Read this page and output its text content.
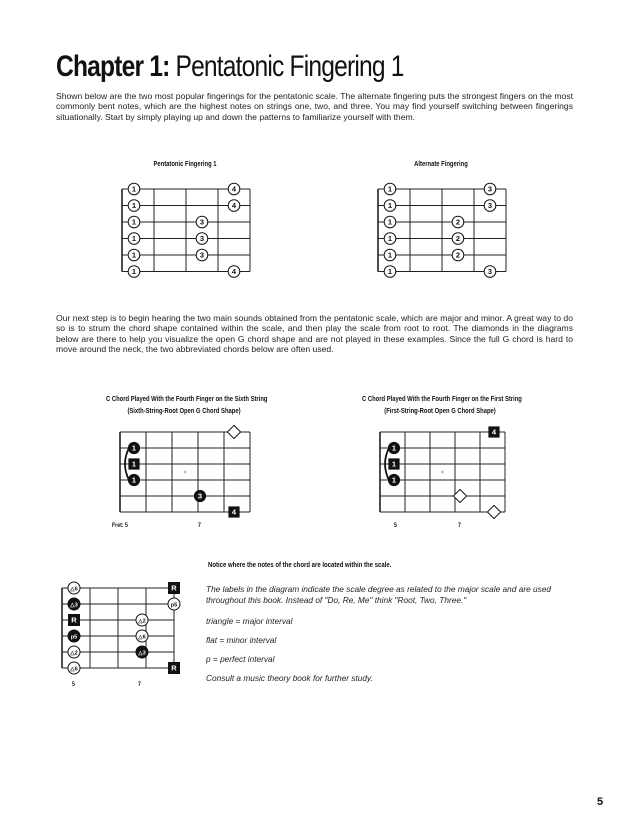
Chapter 1: Pentatonic Fingering 1
Shown below are the two most popular fingerings for the pentatonic scale. The alternate fingering puts the strongest fingers on the most commonly bent notes, which are the highest notes on strings one, two, and three. You may find yourself switching between fingerings situationally. Start by simply playing up and down the patterns to familiarize yourself with them.
Pentatonic Fingering 1	Alternate Fingering
1	4
1	4
1	3
1	3
1	3
1	4
1	3
1	3
1	2
1	2
1	2
1	3
1
1
1
3
4
4
1
1
1
△6	R
△3	p5
R	△2
p5	△6
△2	△3
△6	R
Our next step is to begin hearing the two main sounds obtained from the pentatonic scale, which are major and minor. A great way to do so is to strum the chord shape contained within the scale, and then play the scale from root to root. The diamonds in the diagrams below are there to help you visualize the open G chord shape and are not played in these examples. Since the full G chord is hard to move around the neck, the two abbreviated chords below are often used.
C Chord Played With the Fourth Finger on the Sixth String
(Sixth-String-Root Open G Chord Shape)
C Chord Played With the Fourth Finger on the First String
(First-String-Root Open G Chord Shape)
Fret: 5	7	5	7
Notice where the notes of the chord are located within the scale.
5	7
The labels in the diagram indicate the scale degree as related to the major scale and are used throughout this book. Instead of "Do, Re, Me" think "Root, Two, Three."
triangle = major interval
flat = minor interval
p = perfect interval
Consult a music theory book for further study.
5
